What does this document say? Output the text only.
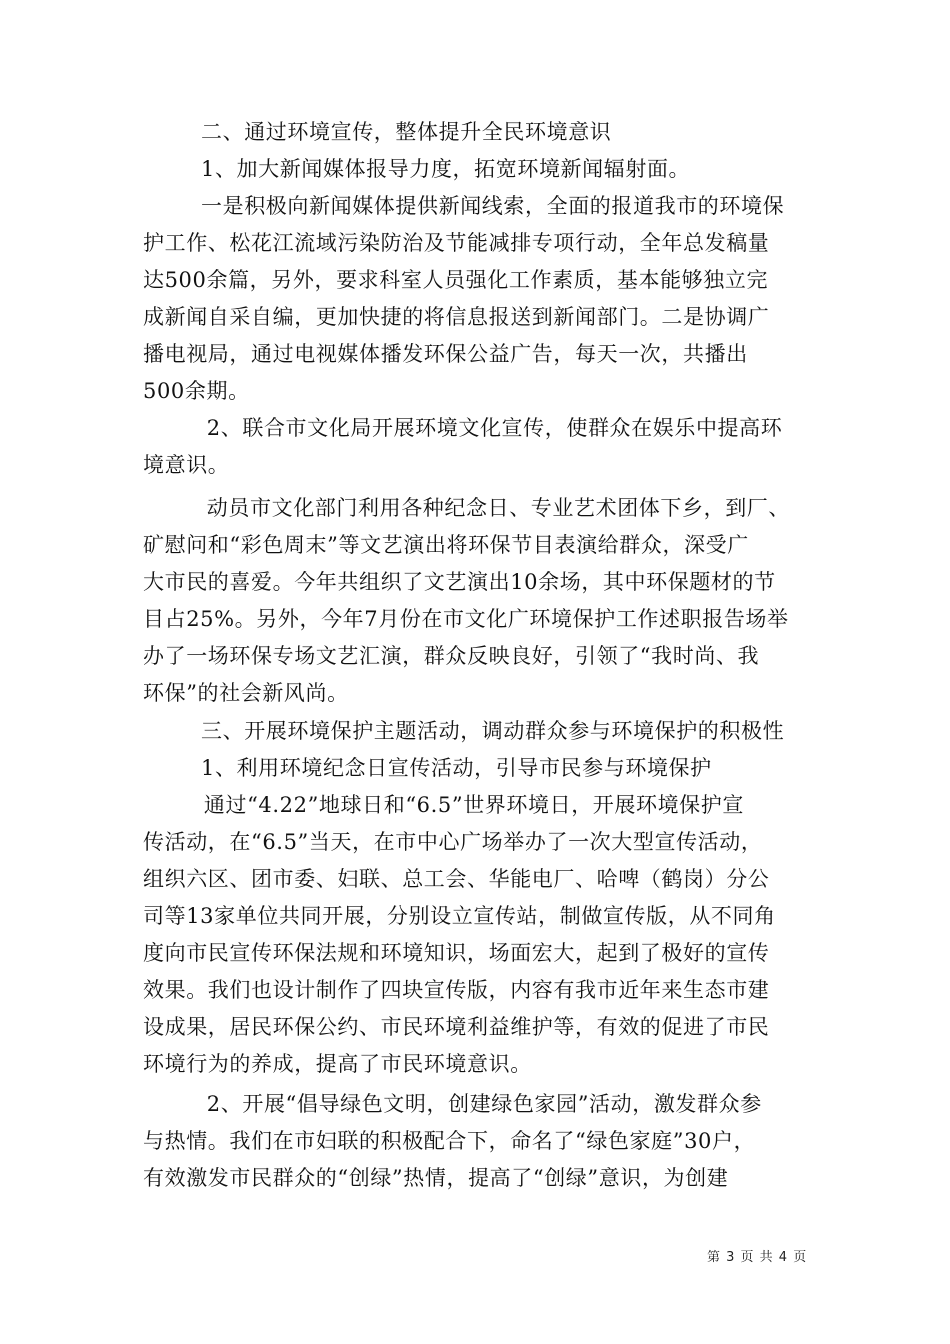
二、通过环境宣传，整体提升全民环境意识
1、加大新闻媒体报导力度，拓宽环境新闻辐射面。
一是积极向新闻媒体提供新闻线索，全面的报道我市的环境保
护工作、松花江流域污染防治及节能减排专项行动，全年总发稿量
达500余篇，另外，要求科室人员强化工作素质，基本能够独立完
成新闻自采自编，更加快捷的将信息报送到新闻部门。二是协调广
播电视局，通过电视媒体播发环保公益广告，每天一次，共播出
500余期。
2、联合市文化局开展环境文化宣传，使群众在娱乐中提高环
境意识。
动员市文化部门利用各种纪念日、专业艺术团体下乡，到厂、
矿慰问和“彩色周末”等文艺演出将环保节目表演给群众，深受广
大市民的喜爱。今年共组织了文艺演出10余场，其中环保题材的节
目占25%。另外，今年7月份在市文化广环境保护工作述职报告场举
办了一场环保专场文艺汇演，群众反映良好，引领了“我时尚、我
环保”的社会新风尚。
三、开展环境保护主题活动，调动群众参与环境保护的积极性
1、利用环境纪念日宣传活动，引导市民参与环境保护
通过“4.22”地球日和“6.5”世界环境日，开展环境保护宣
传活动，在“6.5”当天，在市中心广场举办了一次大型宣传活动，
组织六区、团市委、妇联、总工会、华能电厂、哈啤（鹤岗）分公
司等13家单位共同开展，分别设立宣传站，制做宣传版，从不同角
度向市民宣传环保法规和环境知识，场面宏大，起到了极好的宣传
效果。我们也设计制作了四块宣传版，内容有我市近年来生态市建
设成果，居民环保公约、市民环境利益维护等，有效的促进了市民
环境行为的养成，提高了市民环境意识。
2、开展“倡导绿色文明，创建绿色家园”活动，激发群众参
与热情。我们在市妇联的积极配合下，命名了“绿色家庭”30户，
有效激发市民群众的“创绿”热情，提高了“创绿”意识，为创建
第 3 页 共 4 页
